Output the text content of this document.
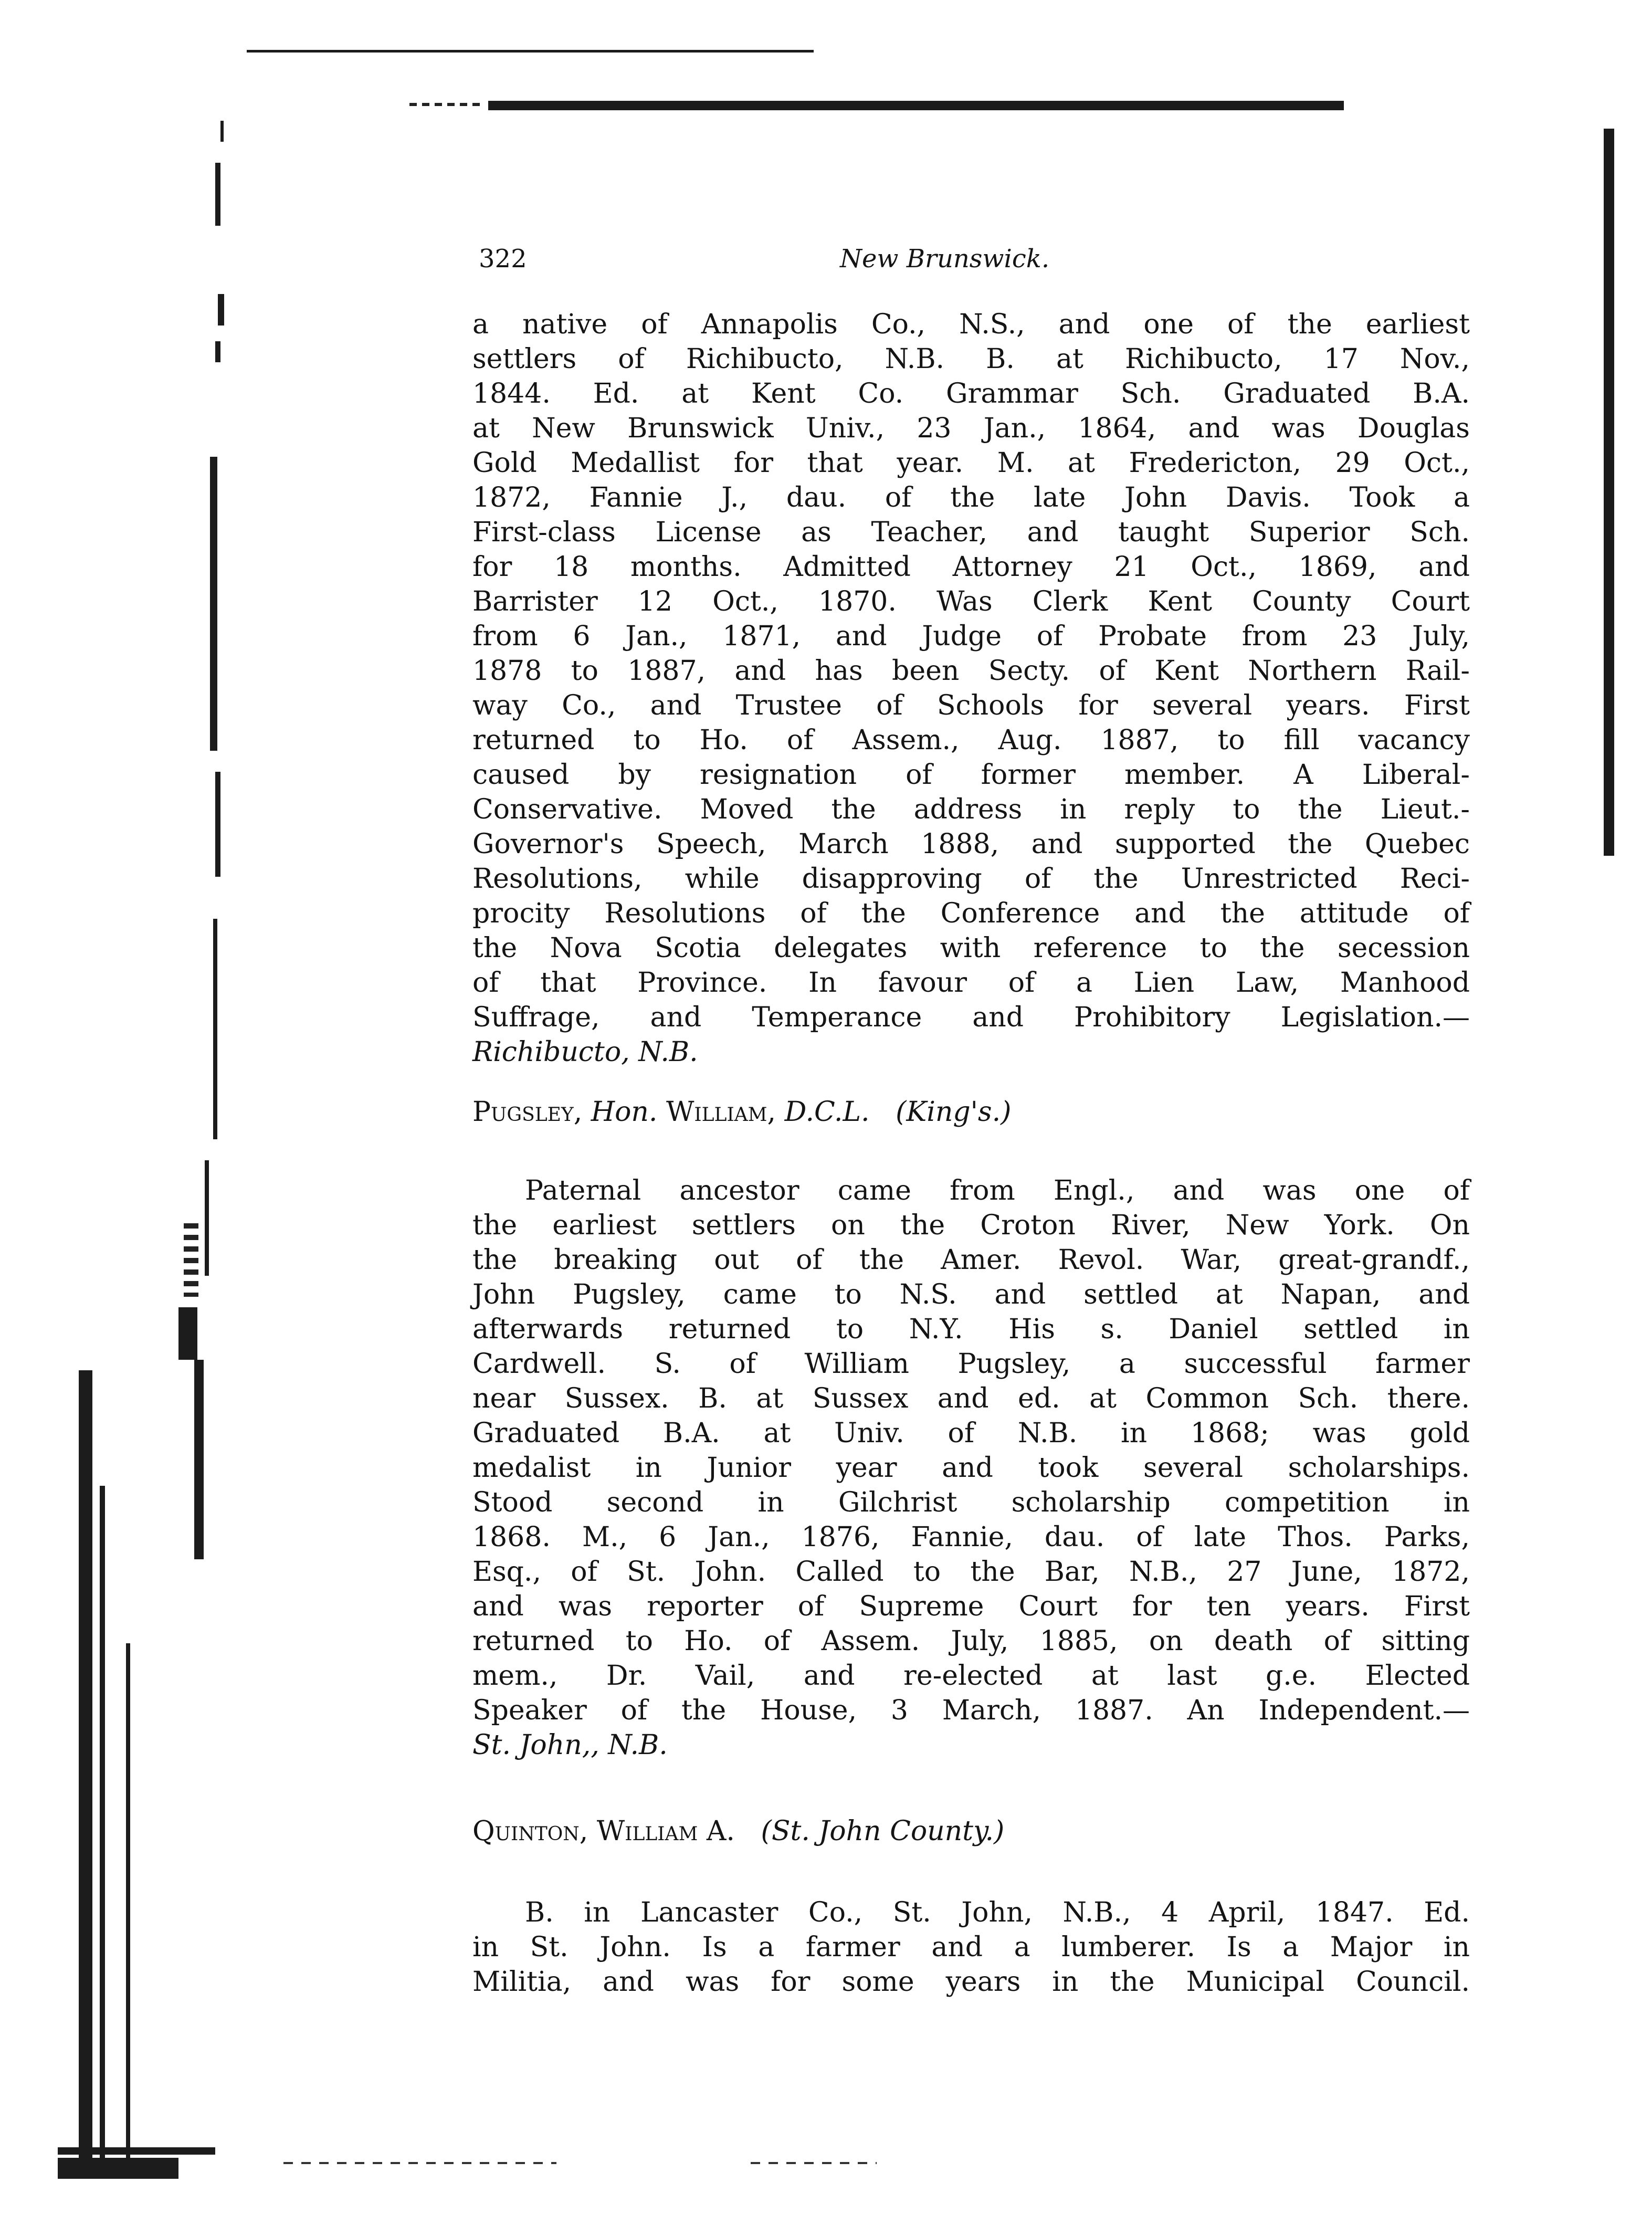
322	New Brunswick.
a native of Annapolis Co., N.S., and one of the earliest
settlers of Richibucto, N.B. B. at Richibucto, 17 Nov.,
1844. Ed. at Kent Co. Grammar Sch. Graduated B.A.
at New Brunswick Univ., 23 Jan., 1864, and was Douglas
Gold Medallist for that year. M. at Fredericton, 29 Oct.,
1872, Fannie J., dau. of the late John Davis. Took a
First-class License as Teacher, and taught Superior Sch.
for 18 months. Admitted Attorney 21 Oct., 1869, and
Barrister 12 Oct., 1870. Was Clerk Kent County Court
from 6 Jan., 1871, and Judge of Probate from 23 July,
1878 to 1887, and has been Secty. of Kent Northern Rail-
way Co., and Trustee of Schools for several years. First
returned to Ho. of Assem., Aug. 1887, to fill vacancy
caused by resignation of former member. A Liberal-
Conservative. Moved the address in reply to the Lieut.-
Governor's Speech, March 1888, and supported the Quebec
Resolutions, while disapproving of the Unrestricted Reci-
procity Resolutions of the Conference and the attitude of
the Nova Scotia delegates with reference to the secession
of that Province. In favour of a Lien Law, Manhood
Suffrage, and Temperance and Prohibitory Legislation.—
Richibucto, N.B.
Pugsley, Hon. William, D.C.L. (King's.)
Paternal ancestor came from Engl., and was one of
the earliest settlers on the Croton River, New York. On
the breaking out of the Amer. Revol. War, great-grandf.,
John Pugsley, came to N.S. and settled at Napan, and
afterwards returned to N.Y. His s. Daniel settled in
Cardwell. S. of William Pugsley, a successful farmer
near Sussex. B. at Sussex and ed. at Common Sch. there.
Graduated B.A. at Univ. of N.B. in 1868; was gold
medalist in Junior year and took several scholarships.
Stood second in Gilchrist scholarship competition in
1868. M., 6 Jan., 1876, Fannie, dau. of late Thos. Parks,
Esq., of St. John. Called to the Bar, N.B., 27 June, 1872,
and was reporter of Supreme Court for ten years. First
returned to Ho. of Assem. July, 1885, on death of sitting
mem., Dr. Vail, and re-elected at last g.e. Elected
Speaker of the House, 3 March, 1887. An Independent.—
St. John,, N.B.
Quinton, William A. (St. John County.)
B. in Lancaster Co., St. John, N.B., 4 April, 1847. Ed.
in St. John. Is a farmer and a lumberer. Is a Major in
Militia, and was for some years in the Municipal Council.
